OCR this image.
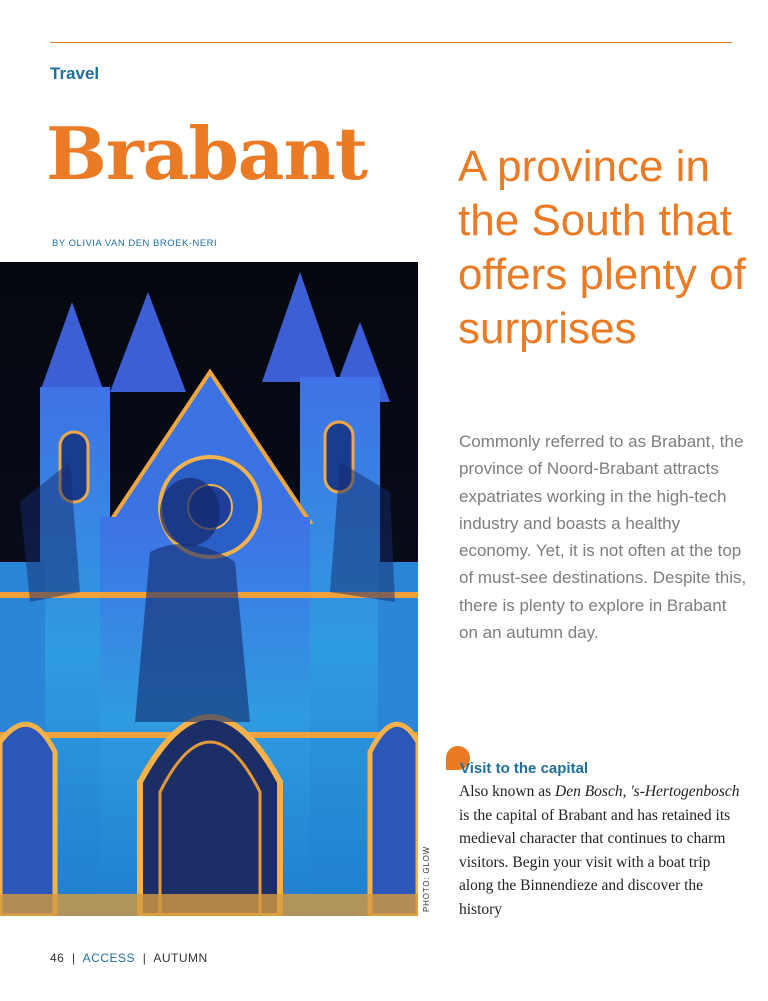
Travel
Brabant
BY OLIVIA VAN DEN BROEK-NERI
A province in the South that offers plenty of surprises

Commonly referred to as Brabant, the province of Noord-Brabant attracts expatriates working in the high-tech industry and boasts a healthy economy. Yet, it is not often at the top of must-see destinations. Despite this, there is plenty to explore in Brabant on an autumn day.

PHOTO: GLOW
Visit to the capital

Also known as Den Bosch, 's-Hertogenbosch is the capital of Brabant and has retained its medieval character that continues to charm visitors. Begin your visit with a boat trip along the Binnendieze and discover the history

46 | ACCESS | AUTUMN
